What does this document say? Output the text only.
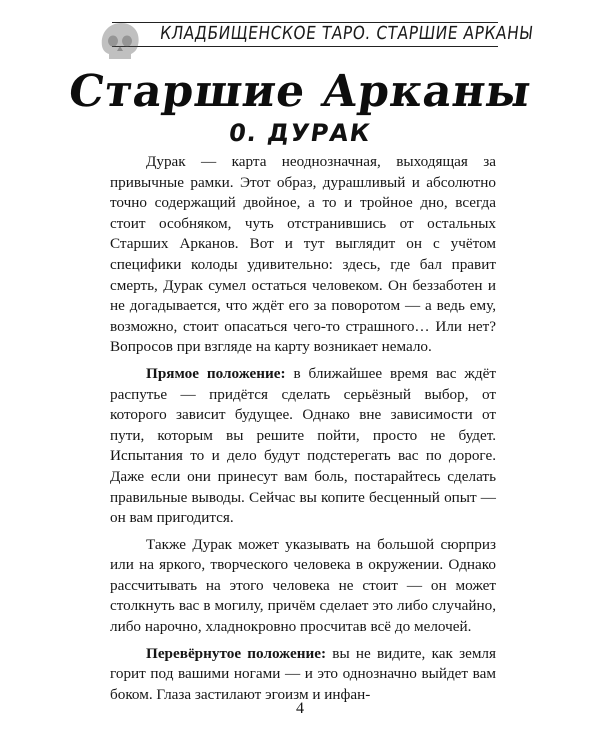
КЛАДБИЩЕНСКОЕ ТАРО. СТАРШИЕ АРКАНЫ
Старшие Арканы
0. ДУРАК

Дурак — карта неоднозначная, выходящая за привычные рамки. Этот образ, дурашливый и абсолютно точно содержащий двойное, а то и тройное дно, всегда стоит особняком, чуть отстранившись от остальных Старших Арканов. Вот и тут выглядит он с учётом специфики колоды удивительно: здесь, где бал правит смерть, Дурак сумел остаться человеком. Он беззаботен и не догадывается, что ждёт его за поворотом — а ведь ему, возможно, стоит опасаться чего-то страшного… Или нет? Вопросов при взгляде на карту возникает немало.

Прямое положение: в ближайшее время вас ждёт распутье — придётся сделать серьёзный выбор, от которого зависит будущее. Однако вне зависимости от пути, которым вы решите пойти, просто не будет. Испытания то и дело будут подстерегать вас по дороге. Даже если они принесут вам боль, постарайтесь сделать правильные выводы. Сейчас вы копите бесценный опыт — он вам пригодится.

Также Дурак может указывать на большой сюрприз или на яркого, творческого человека в окружении. Однако рассчитывать на этого человека не стоит — он может столкнуть вас в могилу, причём сделает это либо случайно, либо нарочно, хладнокровно просчитав всё до мелочей.

Перевёрнутое положение: вы не видите, как земля горит под вашими ногами — и это однозначно выйдет вам боком. Глаза застилают эгоизм и инфан-

4
